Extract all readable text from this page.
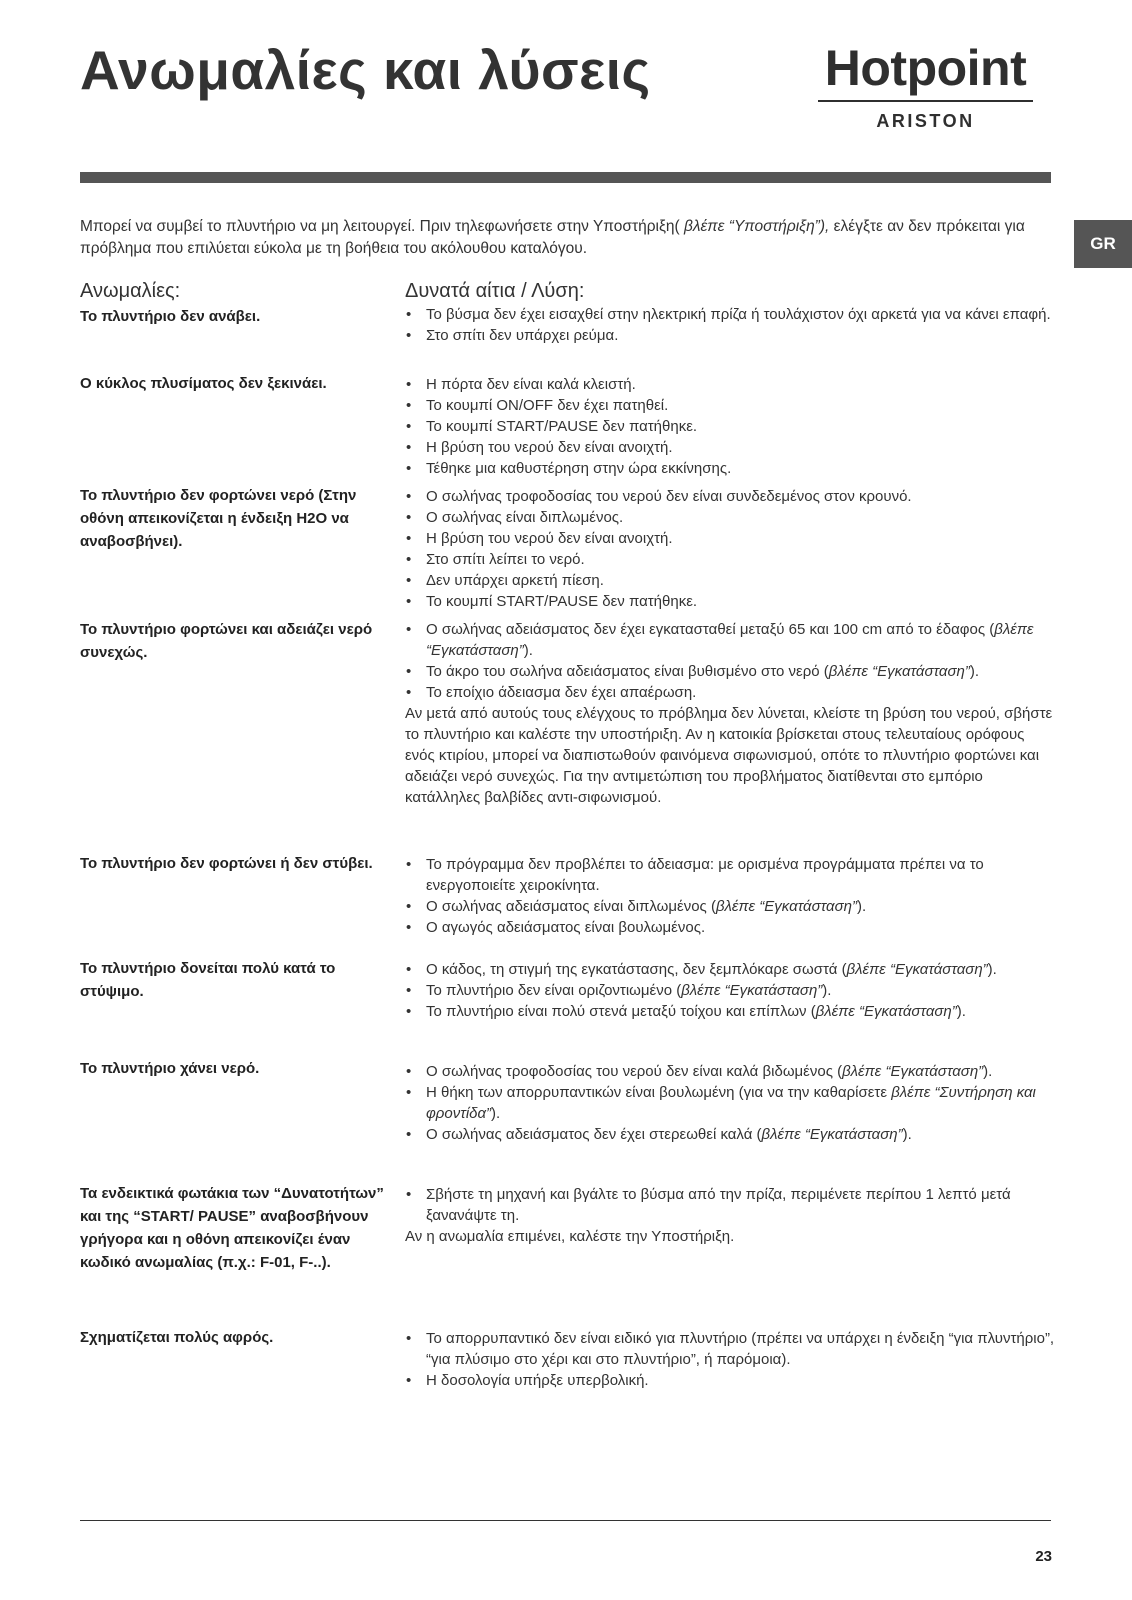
Ανωμαλίες και λύσεις	Hotpoint
ARISTON
GR
Μπορεί να συμβεί το πλυντήριο να μη λειτουργεί. Πριν τηλεφωνήσετε στην Υποστήριξη( βλέπε “Υποστήριξη”), ελέγξτε αν δεν πρόκειται για πρόβλημα που επιλύεται εύκολα με τη βοήθεια του ακόλουθου καταλόγου.
Ανωμαλίες:	Δυνατά αίτια / Λύση:
Το πλυντήριο δεν ανάβει.	• Το βύσμα δεν έχει εισαχθεί στην ηλεκτρική πρίζα ή τουλάχιστον όχι αρκετά για να κάνει επαφή.
• Στο σπίτι δεν υπάρχει ρεύμα.
Ο κύκλος πλυσίματος δεν ξεκινάει.	• Η πόρτα δεν είναι καλά κλειστή.
• Το κουμπί ON/OFF δεν έχει πατηθεί.
• Το κουμπί START/PAUSE δεν πατήθηκε.
• Η βρύση του νερού δεν είναι ανοιχτή.
• Τέθηκε μια καθυστέρηση στην ώρα εκκίνησης.
Το πλυντήριο δεν φορτώνει νερό (Στην οθόνη απεικονίζεται η ένδειξη H2O να αναβοσβήνει).
• Ο σωλήνας τροφοδοσίας του νερού δεν είναι συνδεδεμένος στον κρουνό.
• Ο σωλήνας είναι διπλωμένος.
• Η βρύση του νερού δεν είναι ανοιχτή.
• Στο σπίτι λείπει το νερό.
• Δεν υπάρχει αρκετή πίεση.
• Το κουμπί START/PAUSE δεν πατήθηκε.
Το πλυντήριο φορτώνει και αδειάζει νερό συνεχώς.
• Ο σωλήνας αδειάσματος δεν έχει εγκατασταθεί μεταξύ 65 και 100 cm από το έδαφος (βλέπε “Εγκατάσταση”).
• Το άκρο του σωλήνα αδειάσματος είναι βυθισμένο στο νερό (βλέπε “Εγκατάσταση”).
• Το εποίχιο άδειασμα δεν έχει απαέρωση.
Αν μετά από αυτούς τους ελέγχους το πρόβλημα δεν λύνεται, κλείστε τη βρύση του νερού, σβήστε το πλυντήριο και καλέστε την υποστήριξη. Αν η κατοικία βρίσκεται στους τελευταίους ορόφους ενός κτιρίου, μπορεί να διαπιστωθούν φαινόμενα σιφωνισμού, οπότε το πλυντήριο φορτώνει και αδειάζει νερό συνεχώς. Για την αντιμετώπιση του προβλήματος διατίθενται στο εμπόριο κατάλληλες βαλβίδες αντι-σιφωνισμού.
Το πλυντήριο δεν φορτώνει ή δεν στύβει.	• Το πρόγραμμα δεν προβλέπει το άδειασμα: με ορισμένα προγράμματα πρέπει να το ενεργοποιείτε χειροκίνητα.
• Ο σωλήνας αδειάσματος είναι διπλωμένος (βλέπε “Εγκατάσταση”).
• Ο αγωγός αδειάσματος είναι βουλωμένος.
Το πλυντήριο δονείται πολύ κατά το στύψιμο.
• Ο κάδος, τη στιγμή της εγκατάστασης, δεν ξεμπλόκαρε σωστά (βλέπε “Εγκατάσταση”).
• Το πλυντήριο δεν είναι οριζοντιωμένο (βλέπε “Εγκατάσταση”).
• Το πλυντήριο είναι πολύ στενά μεταξύ τοίχου και επίπλων (βλέπε “Εγκατάσταση”).
Το πλυντήριο χάνει νερό.	• Ο σωλήνας τροφοδοσίας του νερού δεν είναι καλά βιδωμένος (βλέπε “Εγκατάσταση”).
• Η θήκη των απορρυπαντικών είναι βουλωμένη (για να την καθαρίσετε βλέπε “Συντήρηση και φροντίδα”).
• Ο σωλήνας αδειάσματος δεν έχει στερεωθεί καλά (βλέπε “Εγκατάσταση”).
Τα ενδεικτικά φωτάκια των “Δυνατοτήτων” και της “START/ PAUSE” αναβοσβήνουν γρήγορα και η οθόνη απεικονίζει έναν κωδικό ανωμαλίας (π.χ.: F-01, F-..).
• Σβήστε τη μηχανή και βγάλτε το βύσμα από την πρίζα, περιμένετε περίπου 1 λεπτό μετά ξανανάψτε τη.
Αν η ανωμαλία επιμένει, καλέστε την Υποστήριξη.
Σχηματίζεται πολύς αφρός.	• Το απορρυπαντικό δεν είναι ειδικό για πλυντήριο (πρέπει να υπάρχει η ένδειξη “για πλυντήριο”, “για πλύσιμο στο χέρι και στο πλυντήριο”, ή παρόμοια).
• Η δοσολογία υπήρξε υπερβολική.
23
